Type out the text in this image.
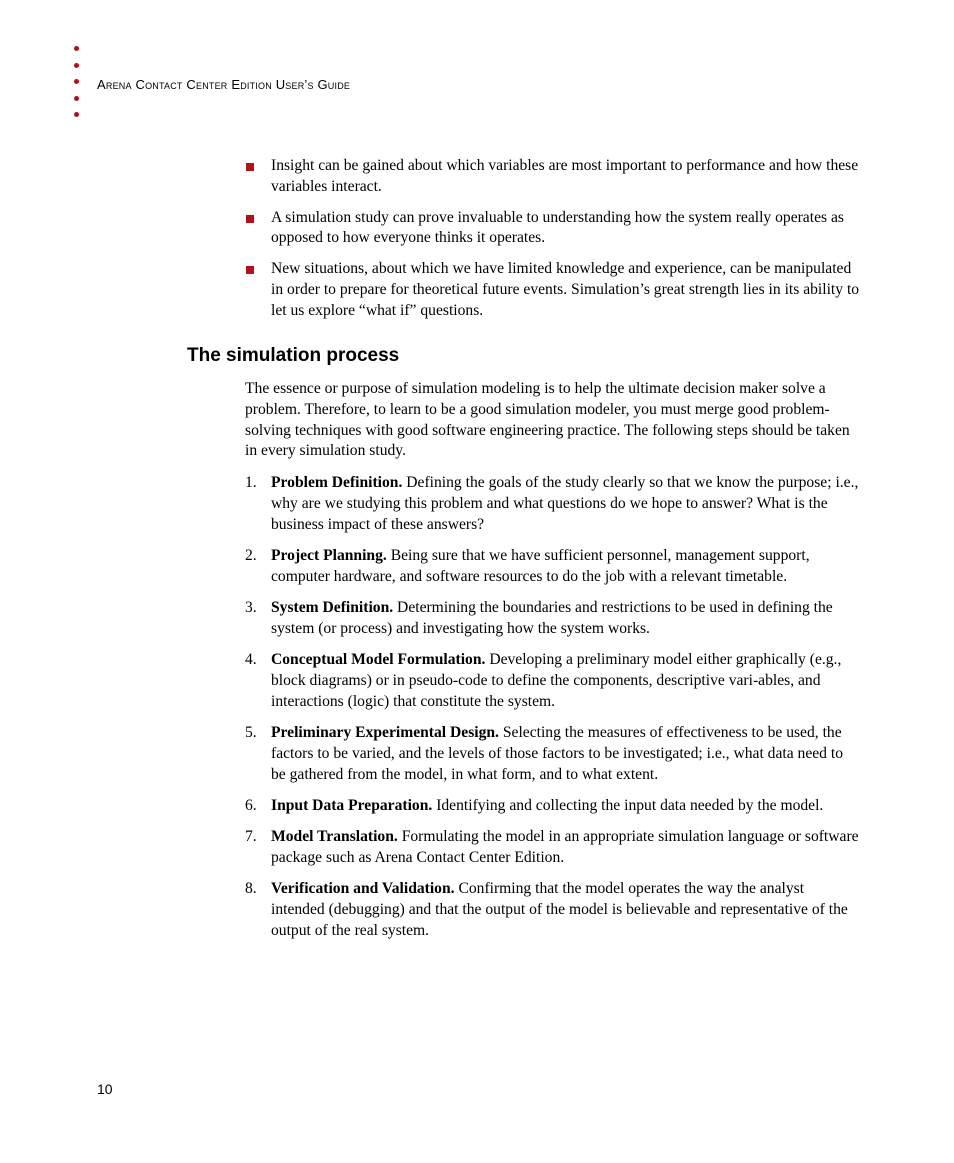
Arena Contact Center Edition User’s Guide
Insight can be gained about which variables are most important to performance and how these variables interact.
A simulation study can prove invaluable to understanding how the system really operates as opposed to how everyone thinks it operates.
New situations, about which we have limited knowledge and experience, can be manipulated in order to prepare for theoretical future events. Simulation’s great strength lies in its ability to let us explore “what if” questions.
The simulation process

The essence or purpose of simulation modeling is to help the ultimate decision maker solve a problem. Therefore, to learn to be a good simulation modeler, you must merge good problem-solving techniques with good software engineering practice. The following steps should be taken in every simulation study.

1. Problem Definition. Defining the goals of the study clearly so that we know the purpose; i.e., why are we studying this problem and what questions do we hope to answer? What is the business impact of these answers?
2. Project Planning. Being sure that we have sufficient personnel, management support, computer hardware, and software resources to do the job with a relevant timetable.
3. System Definition. Determining the boundaries and restrictions to be used in defining the system (or process) and investigating how the system works.
4. Conceptual Model Formulation. Developing a preliminary model either graphically (e.g., block diagrams) or in pseudo-code to define the components, descriptive vari-ables, and interactions (logic) that constitute the system.
5. Preliminary Experimental Design. Selecting the measures of effectiveness to be used, the factors to be varied, and the levels of those factors to be investigated; i.e., what data need to be gathered from the model, in what form, and to what extent.
6. Input Data Preparation. Identifying and collecting the input data needed by the model.
7. Model Translation. Formulating the model in an appropriate simulation language or software package such as Arena Contact Center Edition.
8. Verification and Validation. Confirming that the model operates the way the analyst intended (debugging) and that the output of the model is believable and representative of the output of the real system.
10
